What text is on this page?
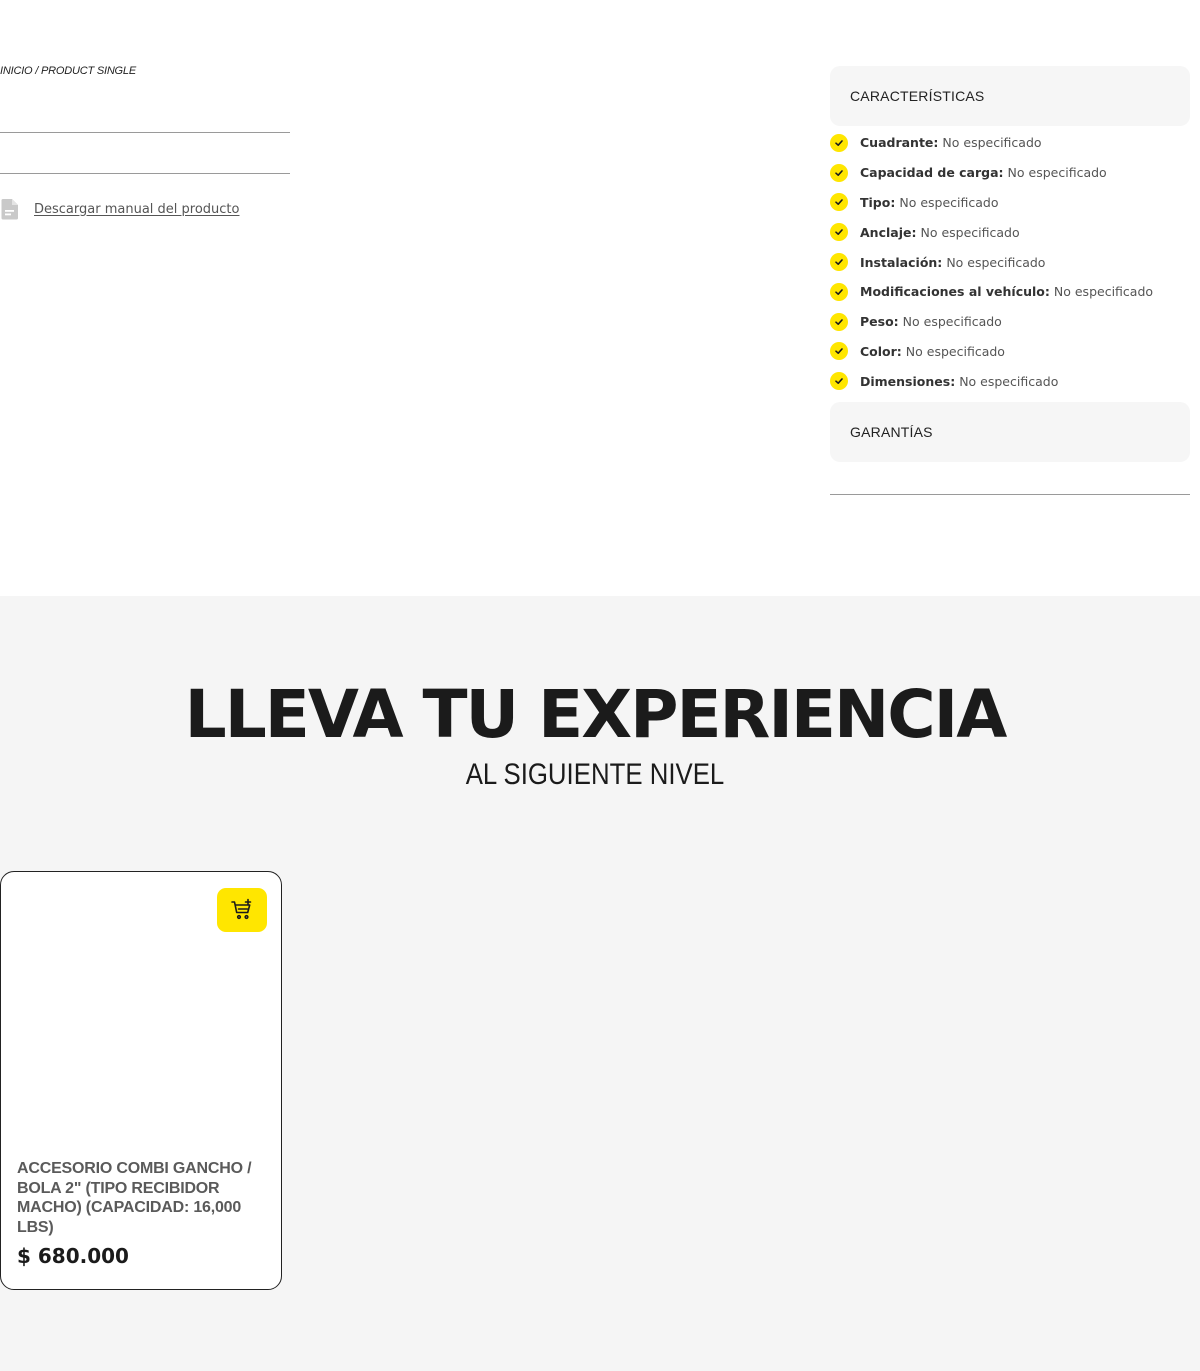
INICIO / PRODUCT SINGLE
Descargar manual del producto
CARACTERÍSTICAS
Cuadrante: No especificado
Capacidad de carga: No especificado
Tipo: No especificado
Anclaje: No especificado
Instalación: No especificado
Modificaciones al vehículo: No especificado
Peso: No especificado
Color: No especificado
Dimensiones: No especificado
GARANTÍAS
LLEVA TU EXPERIENCIA
AL SIGUIENTE NIVEL
ACCESORIO COMBI GANCHO / BOLA 2" (TIPO RECIBIDOR MACHO) (CAPACIDAD: 16,000 LBS)
$ 680.000
